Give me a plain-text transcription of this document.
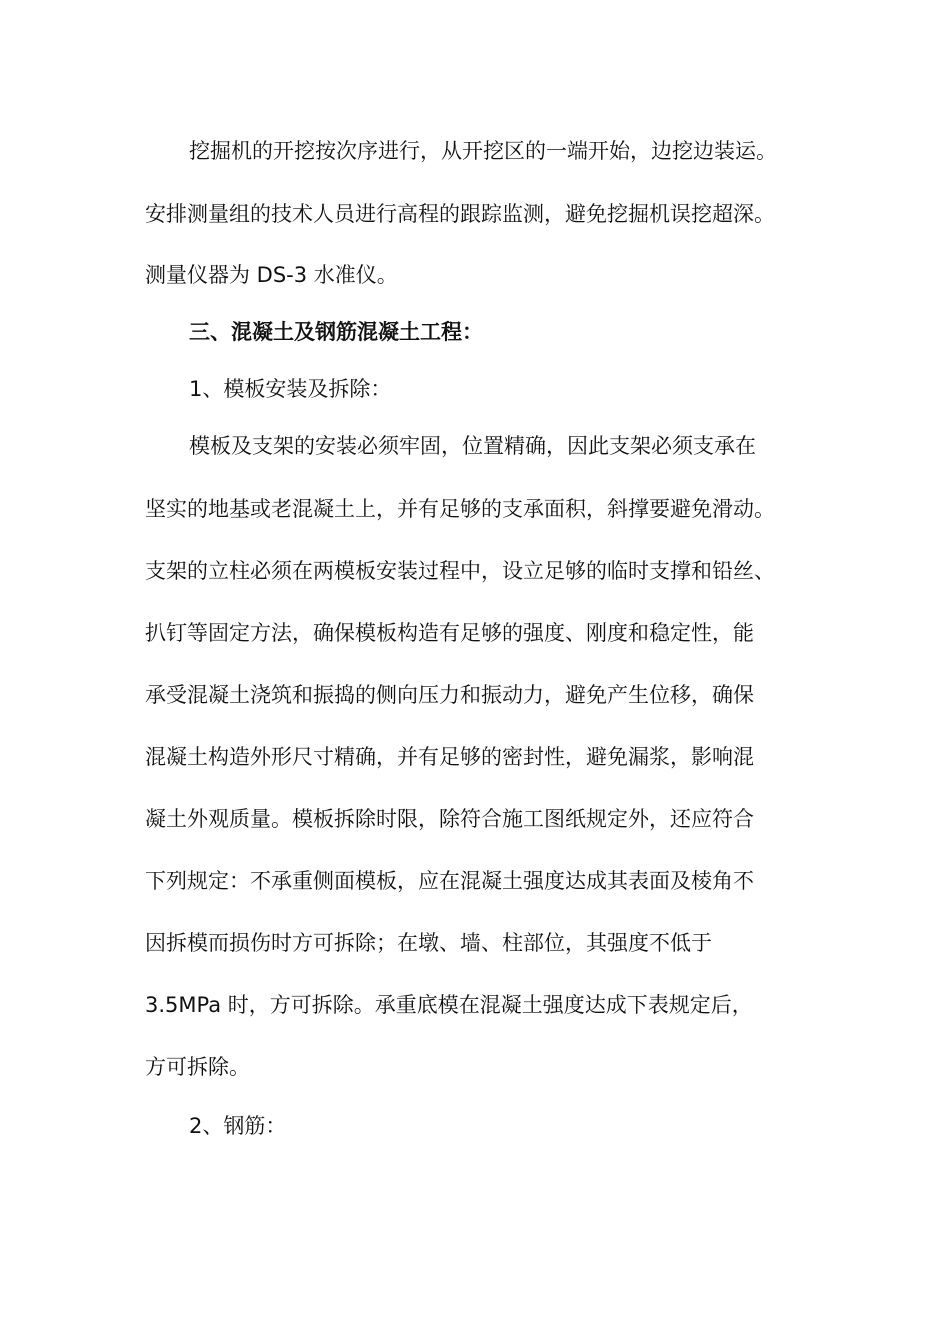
挖掘机的开挖按次序进行，从开挖区的一端开始，边挖边装运。
安排测量组的技术人员进行高程的跟踪监测，避免挖掘机误挖超深。
测量仪器为 DS-3 水准仪。
三、混凝土及钢筋混凝土工程：
1、模板安装及拆除：
模板及支架的安装必须牢固，位置精确，因此支架必须支承在
坚实的地基或老混凝土上，并有足够的支承面积，斜撑要避免滑动。
支架的立柱必须在两模板安装过程中，设立足够的临时支撑和铅丝、
扒钉等固定方法，确保模板构造有足够的强度、刚度和稳定性，能
承受混凝土浇筑和振捣的侧向压力和振动力，避免产生位移，确保
混凝土构造外形尺寸精确，并有足够的密封性，避免漏浆，影响混
凝土外观质量。模板拆除时限，除符合施工图纸规定外，还应符合
下列规定：不承重侧面模板，应在混凝土强度达成其表面及棱角不
因拆模而损伤时方可拆除；在墩、墙、柱部位，其强度不低于
3.5MPa 时，方可拆除。承重底模在混凝土强度达成下表规定后，
方可拆除。
2、钢筋：
